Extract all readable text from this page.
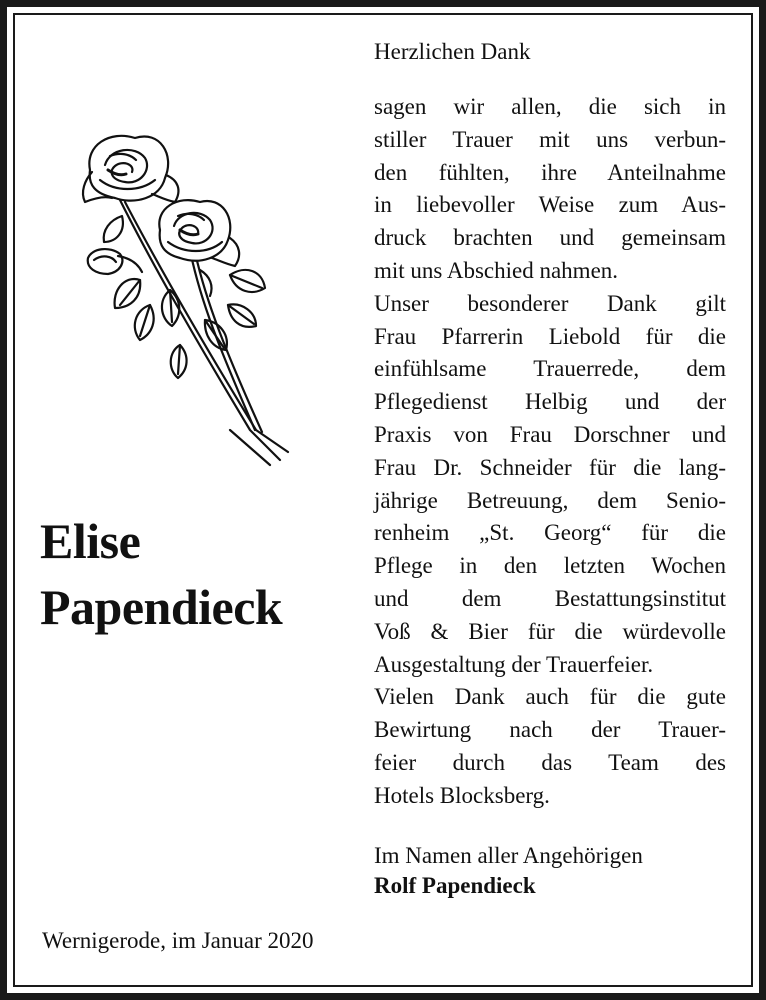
Herzlichen Dank
sagen wir allen, die sich in
stiller Trauer mit uns verbun-
den fühlten, ihre Anteilnahme
in liebevoller Weise zum Aus-
druck brachten und gemeinsam
mit uns Abschied nahmen.
Unser besonderer Dank gilt
Frau Pfarrerin Liebold für die
einfühlsame Trauerrede, dem
Pflegedienst Helbig und der
Praxis von Frau Dorschner und
Frau Dr. Schneider für die lang-
jährige Betreuung, dem Senio-
renheim „St. Georg“ für die
Pflege in den letzten Wochen
und dem Bestattungsinstitut
Voß & Bier für die würdevolle
Ausgestaltung der Trauerfeier.
Vielen Dank auch für die gute
Bewirtung nach der Trauer-
feier durch das Team des
Hotels Blocksberg.
Im Namen aller Angehörigen
Rolf Papendieck
Elise
Papendieck
Wernigerode, im Januar 2020
